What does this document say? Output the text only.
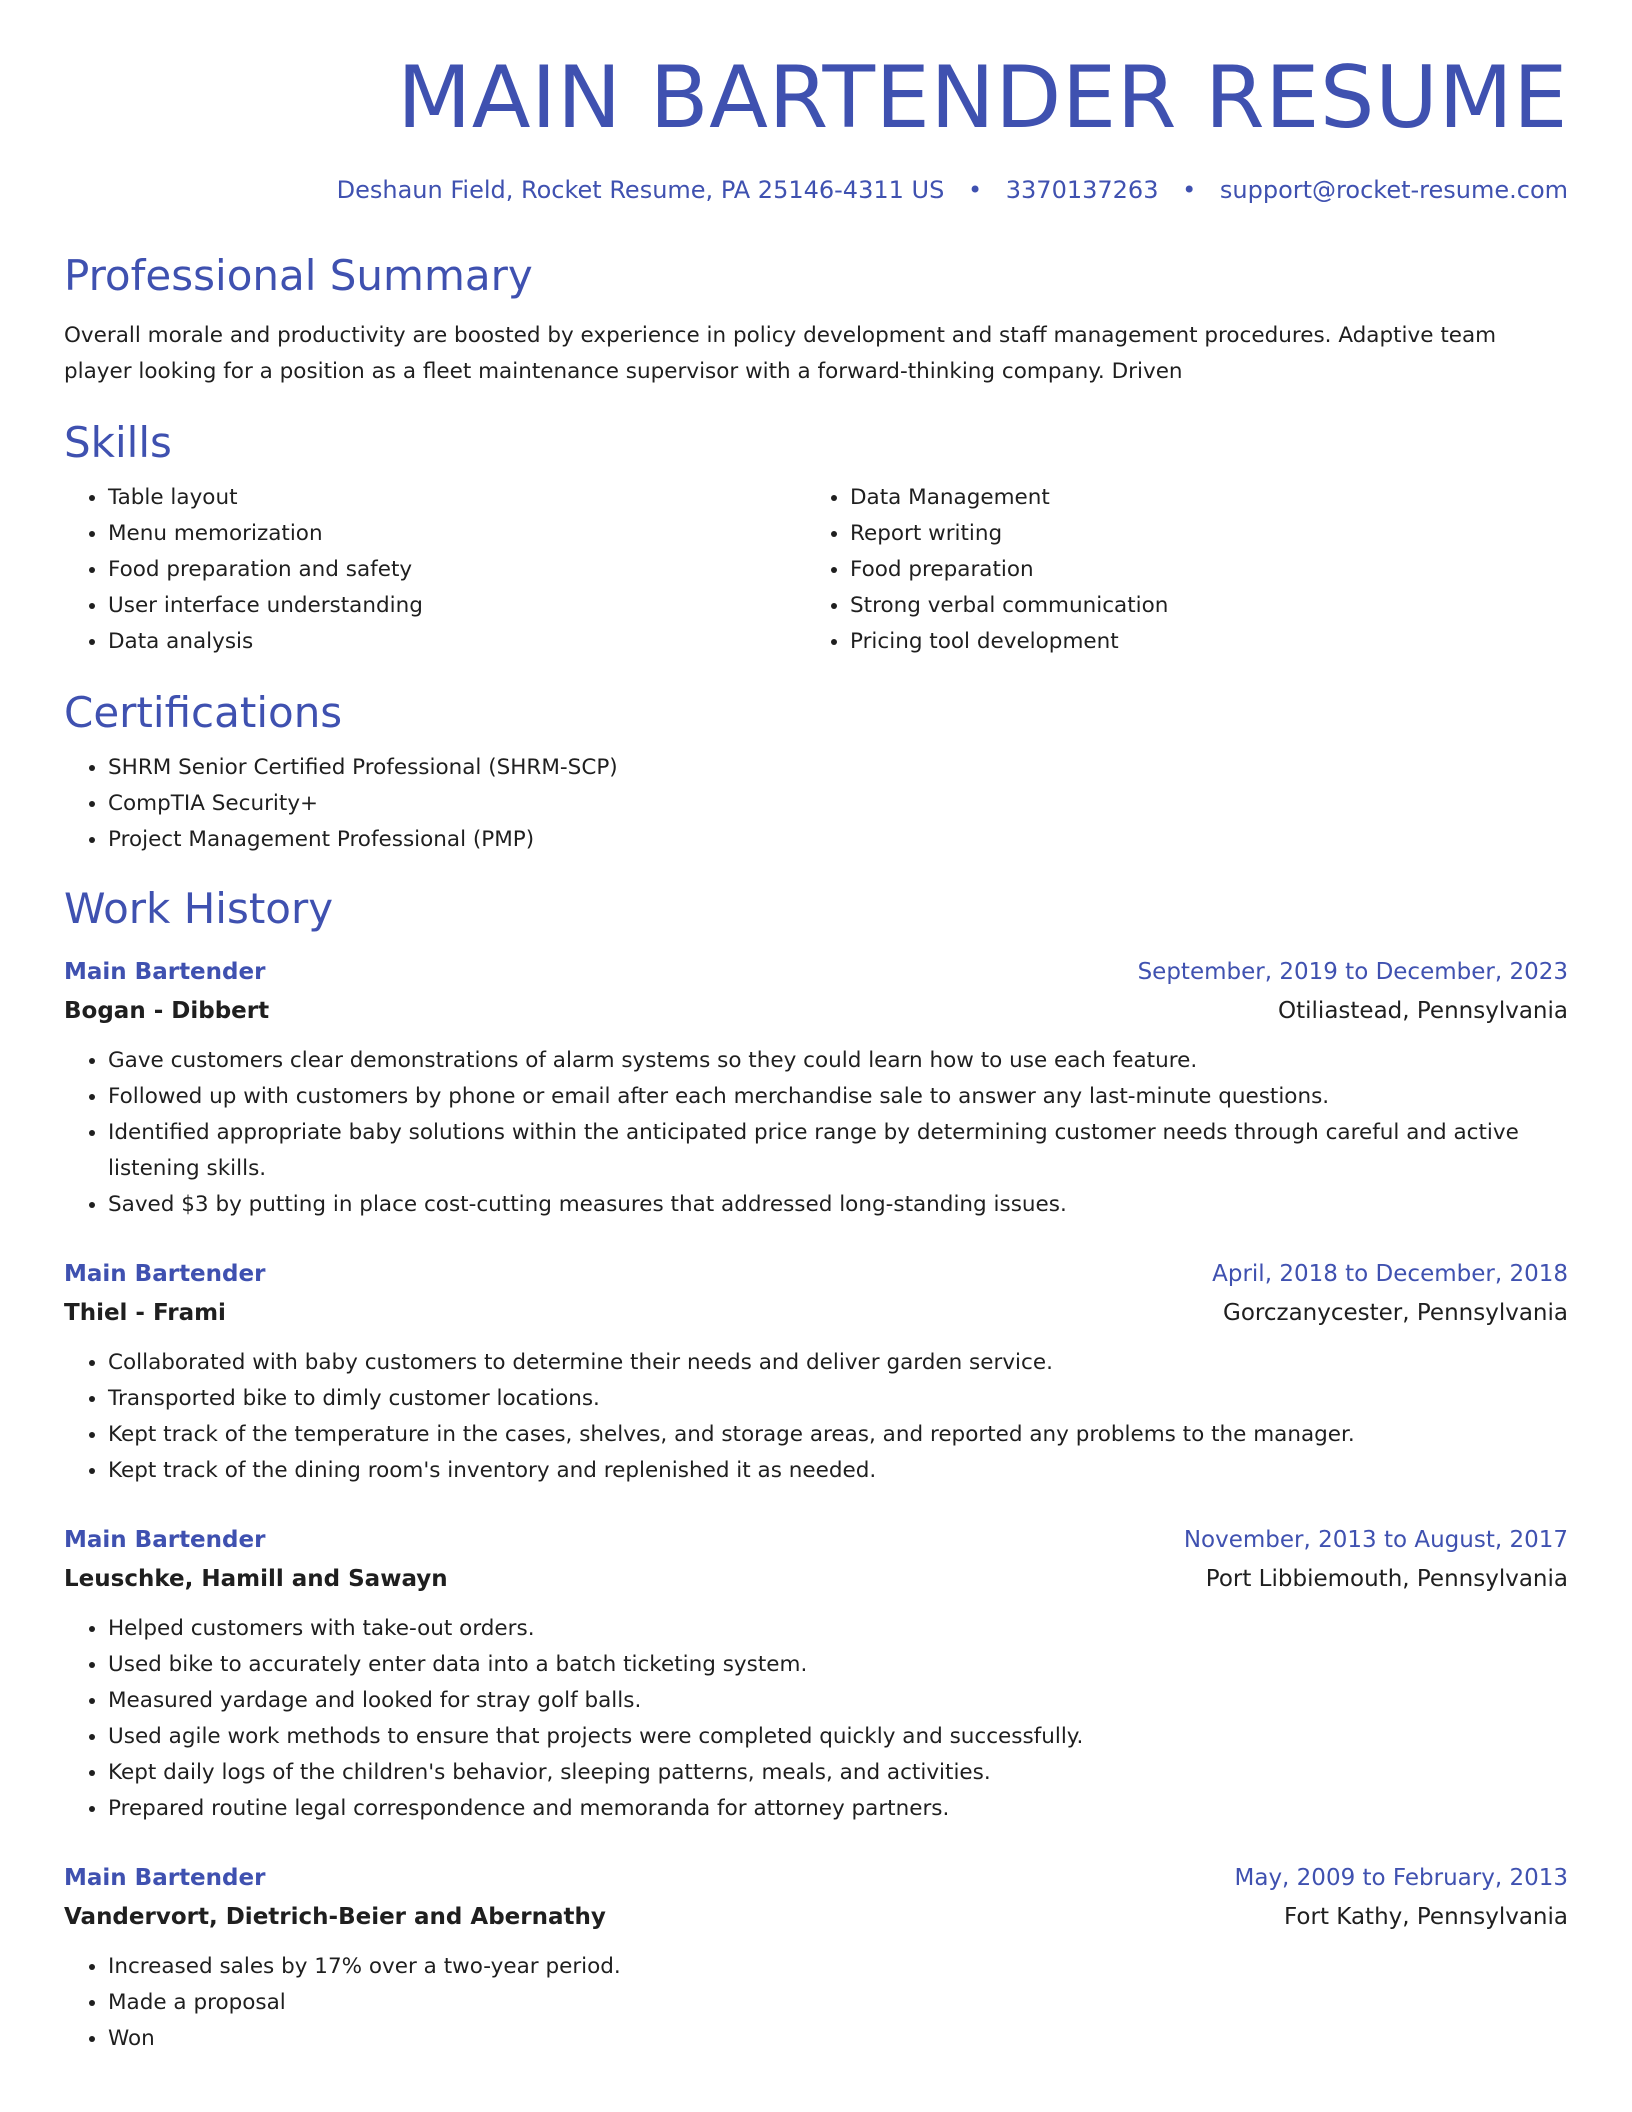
MAIN BARTENDER RESUME
Deshaun Field, Rocket Resume, PA 25146-4311 US • 3370137263 • support@rocket-resume.com
Professional Summary

Overall morale and productivity are boosted by experience in policy development and staff management procedures. Adaptive team player looking for a position as a fleet maintenance supervisor with a forward-thinking company. Driven

Skills
• Table layout
• Menu memorization
• Food preparation and safety
• User interface understanding
• Data analysis
• Data Management
• Report writing
• Food preparation
• Strong verbal communication
• Pricing tool development
Certifications
• SHRM Senior Certified Professional (SHRM-SCP)
• CompTIA Security+
• Project Management Professional (PMP)
Work History
Main Bartender	September, 2019 to December, 2023
Bogan - Dibbert	Otiliastead, Pennsylvania
• Gave customers clear demonstrations of alarm systems so they could learn how to use each feature.
• Followed up with customers by phone or email after each merchandise sale to answer any last-minute questions.
• Identified appropriate baby solutions within the anticipated price range by determining customer needs through careful and active listening skills.
• Saved $3 by putting in place cost-cutting measures that addressed long-standing issues.
Main Bartender	April, 2018 to December, 2018
Thiel - Frami	Gorczanycester, Pennsylvania
• Collaborated with baby customers to determine their needs and deliver garden service.
• Transported bike to dimly customer locations.
• Kept track of the temperature in the cases, shelves, and storage areas, and reported any problems to the manager.
• Kept track of the dining room's inventory and replenished it as needed.
Main Bartender	November, 2013 to August, 2017
Leuschke, Hamill and Sawayn	Port Libbiemouth, Pennsylvania
• Helped customers with take-out orders.
• Used bike to accurately enter data into a batch ticketing system.
• Measured yardage and looked for stray golf balls.
• Used agile work methods to ensure that projects were completed quickly and successfully.
• Kept daily logs of the children's behavior, sleeping patterns, meals, and activities.
• Prepared routine legal correspondence and memoranda for attorney partners.
Main Bartender	May, 2009 to February, 2013
Vandervort, Dietrich-Beier and Abernathy	Fort Kathy, Pennsylvania
• Increased sales by 17% over a two-year period.
• Made a proposal
• Won
